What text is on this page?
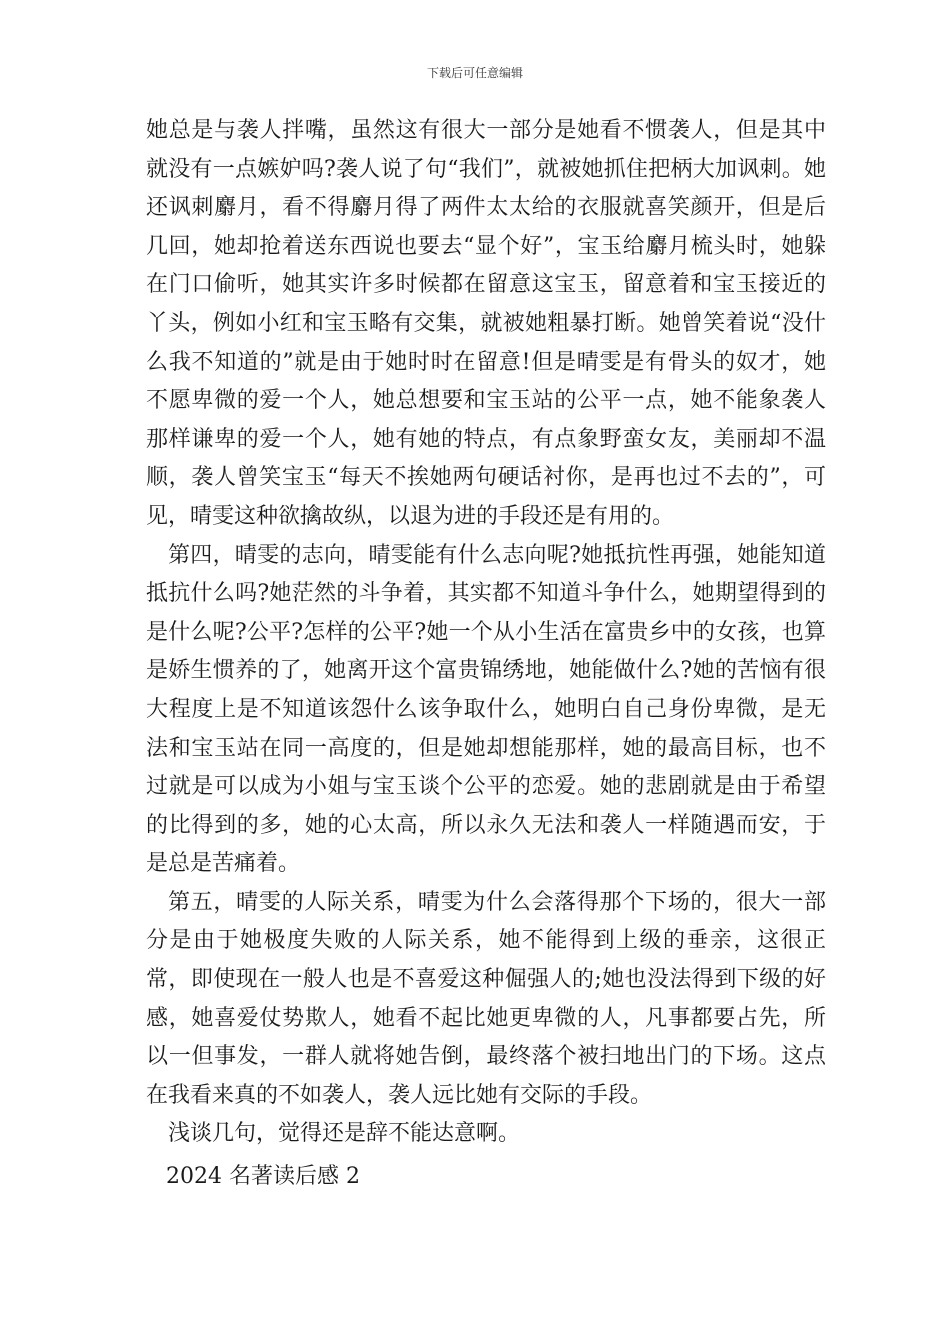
下载后可任意编辑

她总是与袭人拌嘴，虽然这有很大一部分是她看不惯袭人，但是其中就没有一点嫉妒吗?袭人说了句“我们”，就被她抓住把柄大加讽刺。她还讽刺麝月，看不得麝月得了两件太太给的衣服就喜笑颜开，但是后几回，她却抢着送东西说也要去“显个好”，宝玉给麝月梳头时，她躲在门口偷听，她其实许多时候都在留意这宝玉，留意着和宝玉接近的丫头，例如小红和宝玉略有交集，就被她粗暴打断。她曾笑着说“没什么我不知道的”就是由于她时时在留意!但是晴雯是有骨头的奴才，她不愿卑微的爱一个人，她总想要和宝玉站的公平一点，她不能象袭人那样谦卑的爱一个人，她有她的特点，有点象野蛮女友，美丽却不温顺，袭人曾笑宝玉“每天不挨她两句硬话衬你，是再也过不去的”，可见，晴雯这种欲擒故纵，以退为进的手段还是有用的。

第四，晴雯的志向，晴雯能有什么志向呢?她抵抗性再强，她能知道抵抗什么吗?她茫然的斗争着，其实都不知道斗争什么，她期望得到的是什么呢?公平?怎样的公平?她一个从小生活在富贵乡中的女孩，也算是娇生惯养的了，她离开这个富贵锦绣地，她能做什么?她的苦恼有很大程度上是不知道该怨什么该争取什么，她明白自己身份卑微，是无法和宝玉站在同一高度的，但是她却想能那样，她的最高目标，也不过就是可以成为小姐与宝玉谈个公平的恋爱。她的悲剧就是由于希望的比得到的多，她的心太高，所以永久无法和袭人一样随遇而安，于是总是苦痛着。

第五，晴雯的人际关系，晴雯为什么会落得那个下场的，很大一部分是由于她极度失败的人际关系，她不能得到上级的垂亲，这很正常，即使现在一般人也是不喜爱这种倔强人的;她也没法得到下级的好感，她喜爱仗势欺人，她看不起比她更卑微的人，凡事都要占先，所以一但事发，一群人就将她告倒，最终落个被扫地出门的下场。这点在我看来真的不如袭人，袭人远比她有交际的手段。

浅谈几句，觉得还是辞不能达意啊。

2024 名著读后感 2
